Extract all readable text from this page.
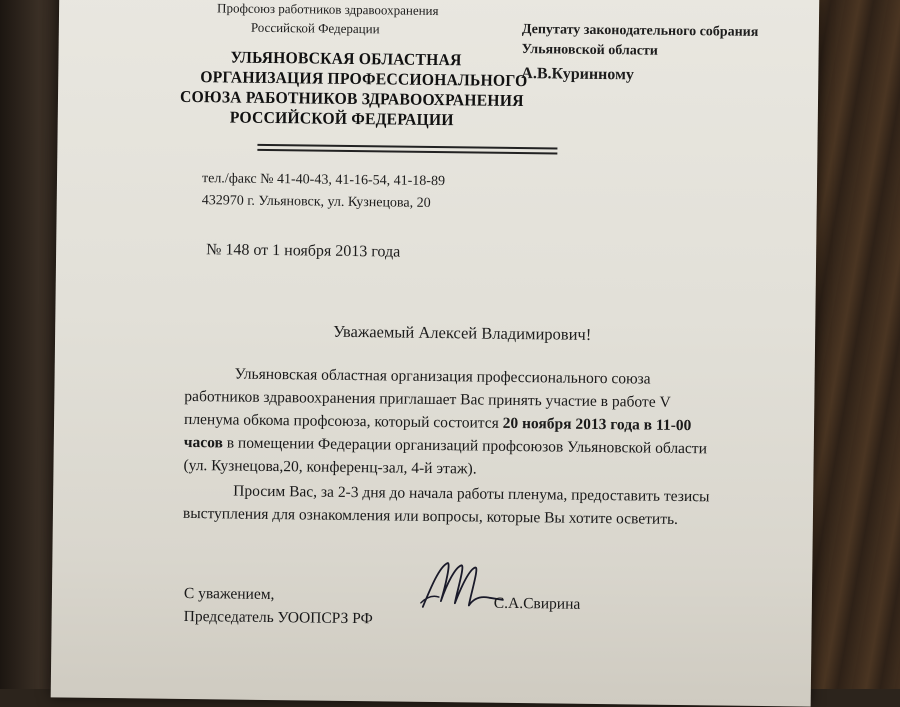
Профсоюз работников здравоохранения
Российской Федерации
УЛЬЯНОВСКАЯ ОБЛАСТНАЯ
ОРГАНИЗАЦИЯ ПРОФЕССИОНАЛЬНОГО
СОЮЗА РАБОТНИКОВ ЗДРАВООХРАНЕНИЯ
РОССИЙСКОЙ ФЕДЕРАЦИИ
тел./факс № 41-40-43, 41-16-54, 41-18-89
432970 г. Ульяновск, ул. Кузнецова, 20
Депутату законодательного собрания
Ульяновской области
А.В.Куринному
№ 148 от 1 ноября 2013 года
Уважаемый Алексей Владимирович!
Ульяновская областная организация профессионального союза
работников здравоохранения приглашает Вас принять участие в работе V
пленума обкома профсоюза, который состоится 20 ноября 2013 года в 11-00
часов в помещении Федерации организаций профсоюзов Ульяновской области
(ул. Кузнецова,20, конференц-зал, 4-й этаж).
Просим Вас, за 2-3 дня до начала работы пленума, предоставить тезисы
выступления для ознакомления или вопросы, которые Вы хотите осветить.
С уважением,
Председатель УООПСРЗ РФ
С.А.Свирина
